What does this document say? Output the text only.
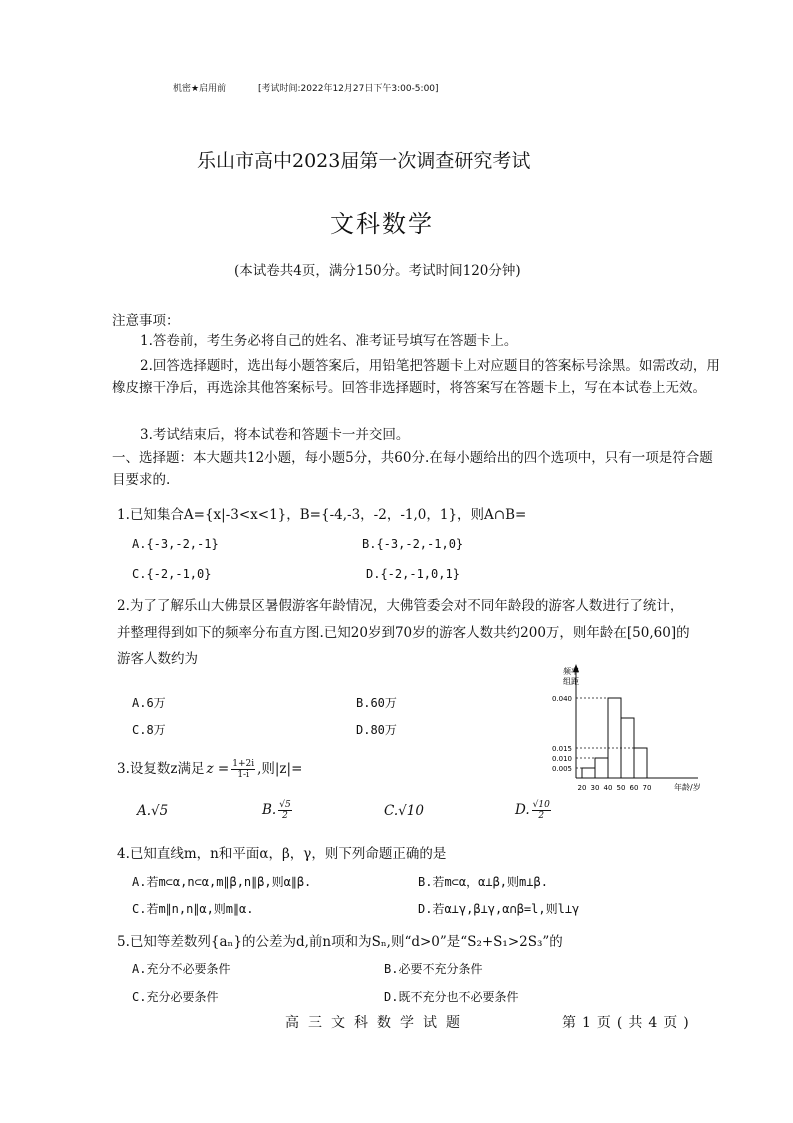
机密★启用前	[考试时间:2022年12月27日下午3:00-5:00]
乐山市高中2023届第一次调查研究考试
文科数学
(本试卷共4页，满分150分。考试时间120分钟)
注意事项：
1.答卷前，考生务必将自己的姓名、准考证号填写在答题卡上。
2.回答选择题时，选出每小题答案后，用铅笔把答题卡上对应题目的答案标号涂黑。如需改动，用橡皮擦干净后，再选涂其他答案标号。回答非选择题时，将答案写在答题卡上，写在本试卷上无效。
3.考试结束后，将本试卷和答题卡一并交回。
一、选择题：本大题共12小题，每小题5分，共60分.在每小题给出的四个选项中，只有一项是符合题目要求的.
1.已知集合A={x|-3<x<1}，B={-4,-3，-2，-1,0，1}，则A∩B=
A.{-3,-2,-1}	B.{-3,-2,-1,0}
C.{-2,-1,0}	D.{-2,-1,0,1}
2.为了了解乐山大佛景区暑假游客年龄情况，大佛管委会对不同年龄段的游客人数进行了统计，
并整理得到如下的频率分布直方图.已知20岁到70岁的游客人数共约200万，则年龄在[50,60]的
游客人数约为
A.6万	B.60万
C.8万	D.80万
频率
组距
年龄/岁
0.040
0.015
0.010
0.005
20 30 40 50 60 70
3.设复数z满足 $z = \frac{1+2i}{1-i}$ ,则|z|=
A.√5	B. $\frac{√5}{2}$	C.√10	D. $\frac{√10}{2}$
4.已知直线m，n和平面α，β，γ，则下列命题正确的是
A.若m⊂α,n⊂α,m∥β,n∥β,则α∥β.	B.若m⊂α，α⊥β,则m⊥β.
C.若m∥n,n∥α,则m∥α.	D.若α⊥γ,β⊥γ,α∩β=l,则l⊥γ
5.已知等差数列{aₙ}的公差为d,前n项和为Sₙ,则“d>0”是“S₂+S₁>2S₃”的
A.充分不必要条件	B.必要不充分条件
C.充分必要条件	D.既不充分也不必要条件
高三文科数学试题	第1页(共4页)
